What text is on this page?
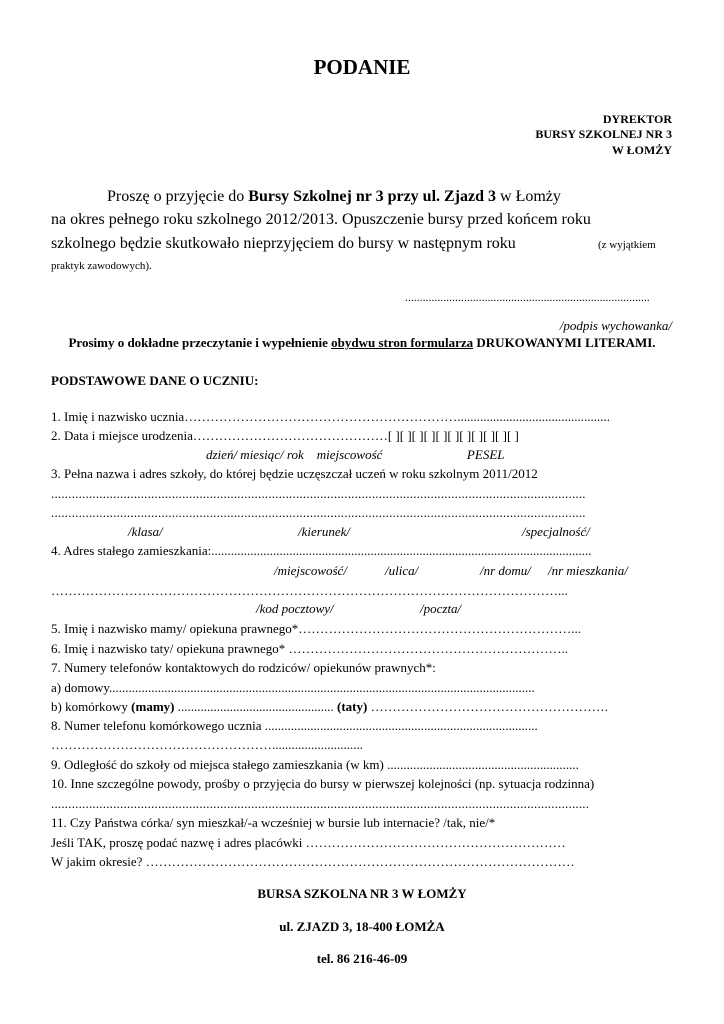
PODANIE
DYREKTOR
BURSY SZKOLNEJ NR 3
W ŁOMŻY
Proszę o przyjęcie do Bursy Szkolnej nr 3 przy ul. Zjazd 3 w Łomży
na okres pełnego roku szkolnego 2012/2013. Opuszczenie bursy przed końcem roku
szkolnego będzie skutkowało nieprzyjęciem do bursy w następnym roku	(z wyjątkiem
praktyk zawodowych).
...................................................................................
/podpis wychowanka/
Prosimy o dokładne przeczytanie i wypełnienie obydwu stron formularza DRUKOWANYMI LITERAMI.
PODSTAWOWE DANE O UCZNIU:
1. Imię i nazwisko ucznia………………………………………………………...............................................
2. Data i miejsce urodzenia………………………………………[ ][ ][ ][ ][ ][ ][ ][ ][ ][ ][ ]
dzień/ miesiąc/ rok    miejscowość                          PESEL
3. Pełna nazwa i adres szkoły, do której będzie uczęszczał uczeń w roku szkolnym 2011/2012
...........................................................................................................................................................
...........................................................................................................................................................
/klasa/	/kierunek/	/specjalność/
4. Adres stałego zamieszkania:.....................................................................................................................
/miejscowość/	/ulica/	/nr domu/ /nr mieszkania/
………………………………………………………………………………………………………...
/kod pocztowy/	/poczta/
5. Imię i nazwisko mamy/ opiekuna prawnego*………………………………………………………...
6. Imię i nazwisko taty/ opiekuna prawnego* ………………………………………………………..
7. Numery telefonów kontaktowych do rodziców/ opiekunów prawnych*:
a) domowy...................................................................................................................................
b) komórkowy (mamy) ................................................ (taty) ……………………………………………….
8. Numer telefonu komórkowego ucznia ....................................................................................
……………………………………………............................
9. Odległość do szkoły od miejsca stałego zamieszkania (w km) ...........................................................
10. Inne szczególne powody, prośby o przyjęcia do bursy w pierwszej kolejności (np. sytuacja rodzinna)
............................................................................................................................................................
11. Czy Państwa córka/ syn mieszkał/-a wcześniej w bursie lub internacie? /tak, nie/*
Jeśli TAK, proszę podać nazwę i adres placówki ……………………………………………………
W jakim okresie? ………………………………………………………………………………………
BURSA SZKOLNA NR 3 W ŁOMŻY
ul. ZJAZD 3, 18-400 ŁOMŻA
tel. 86 216-46-09
